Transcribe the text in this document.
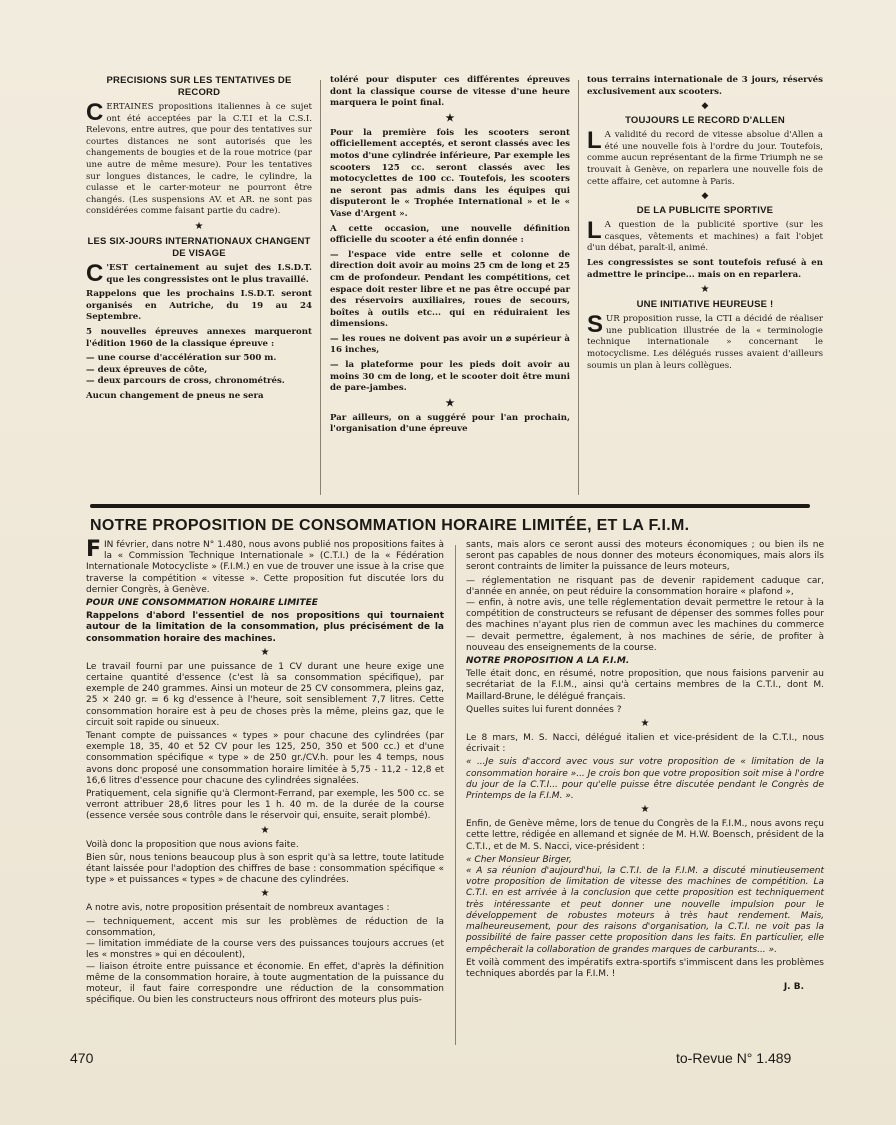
PRECISIONS SUR LES TENTATIVES DE RECORD

CERTAINES propositions italiennes à ce sujet ont été acceptées par la C.T.I et la C.S.I. Relevons, entre autres, que pour des tentatives sur courtes distances ne sont autorisés que les changements de bougies et de la roue motrice (par une autre de même mesure). Pour les tentatives sur longues distances, le cadre, le cylindre, la culasse et le carter-moteur ne pourront être changés. (Les suspensions AV. et AR. ne sont pas considérées comme faisant partie du cadre).

★
LES SIX-JOURS INTERNATIONAUX CHANGENT DE VISAGE

C 'EST certainement au sujet des I.S.D.T. que les congressistes ont le plus travaillé.

Rappelons que les prochains I.S.D.T. seront organisés en Autriche, du 19 au 24 Septembre.

5 nouvelles épreuves annexes marqueront l'édition 1960 de la classique épreuve :

— une course d'accélération sur 500 m.

— deux épreuves de côte,

— deux parcours de cross, chronométrés.

Aucun changement de pneus ne sera

toléré pour disputer ces différentes épreuves dont la classique course de vitesse d'une heure marquera le point final.

★

Pour la première fois les scooters seront officiellement acceptés, et seront classés avec les motos d'une cylindrée inférieure, Par exemple les scooters 125 cc. seront classés avec les motocyclettes de 100 cc. Toutefois, les scooters ne seront pas admis dans les équipes qui disputeront le « Trophée International » et le « Vase d'Argent ».

A cette occasion, une nouvelle définition officielle du scooter a été enfin donnée :

— l'espace vide entre selle et colonne de direction doit avoir au moins 25 cm de long et 25 cm de profondeur. Pendant les compétitions, cet espace doit rester libre et ne pas être occupé par des réservoirs auxiliaires, roues de secours, boîtes à outils etc... qui en réduiraient les dimensions.

— les roues ne doivent pas avoir un ⌀ supérieur à 16 inches,

— la plateforme pour les pieds doit avoir au moins 30 cm de long, et le scooter doit être muni de pare-jambes.

★

Par ailleurs, on a suggéré pour l'an prochain, l'organisation d'une épreuve

tous terrains internationale de 3 jours, réservés exclusivement aux scooters.

◆
TOUJOURS LE RECORD D'ALLEN

L A validité du record de vitesse absolue d'Allen a été une nouvelle fois à l'ordre du jour. Toutefois, comme aucun représentant de la firme Triumph ne se trouvait à Genève, on reparlera une nouvelle fois de cette affaire, cet automne à Paris.

◆
DE LA PUBLICITE SPORTIVE

L A question de la publicité sportive (sur les casques, vêtements et machines) a fait l'objet d'un débat, paraît-il, animé.

Les congressistes se sont toutefois refusé à en admettre le principe... mais on en reparlera.

★
UNE INITIATIVE HEUREUSE !

SUR proposition russe, la CTI a décidé de réaliser une publication illustrée de la « terminologie technique internationale » concernant le motocyclisme. Les délégués russes avaient d'ailleurs soumis un plan à leurs collègues.

NOTRE PROPOSITION DE CONSOMMATION HORAIRE LIMITÉE, ET LA F.I.M.

FIN février, dans notre N° 1.480, nous avons publié nos propositions faites à la « Commission Technique Internationale » (C.T.I.) de la « Fédération Internationale Motocycliste » (F.I.M.) en vue de trouver une issue à la crise que traverse la compétition « vitesse ». Cette proposition fut discutée lors du dernier Congrès, à Genève.

POUR UNE CONSOMMATION HORAIRE LIMITEE

Rappelons d'abord l'essentiel de nos propositions qui tournaient autour de la limitation de la consommation, plus précisément de la consommation horaire des machines.

★

Le travail fourni par une puissance de 1 CV durant une heure exige une certaine quantité d'essence (c'est là sa consommation spécifique), par exemple de 240 grammes. Ainsi un moteur de 25 CV consommera, pleins gaz, 25 × 240 gr. = 6 kg d'essence à l'heure, soit sensiblement 7,7 litres. Cette consommation horaire est à peu de choses près la même, pleins gaz, que le circuit soit rapide ou sinueux.

Tenant compte de puissances « types » pour chacune des cylindrées (par exemple 18, 35, 40 et 52 CV pour les 125, 250, 350 et 500 cc.) et d'une consommation spécifique « type » de 250 gr./CV.h. pour les 4 temps, nous avons donc proposé une consommation horaire limitée à 5,75 - 11,2 - 12,8 et 16,6 litres d'essence pour chacune des cylindrées signalées.

Pratiquement, cela signifie qu'à Clermont-Ferrand, par exemple, les 500 cc. se verront attribuer 28,6 litres pour les 1 h. 40 m. de la durée de la course (essence versée sous contrôle dans le réservoir qui, ensuite, serait plombé).

★

Voilà donc la proposition que nous avions faite.

Bien sûr, nous tenions beaucoup plus à son esprit qu'à sa lettre, toute latitude étant laissée pour l'adoption des chiffres de base : consommation spécifique « type » et puissances « types » de chacune des cylindrées.

★

A notre avis, notre proposition présentait de nombreux avantages :

— techniquement, accent mis sur les problèmes de réduction de la consommation,

— limitation immédiate de la course vers des puissances toujours accrues (et les « monstres » qui en découlent),

— liaison étroite entre puissance et économie. En effet, d'après la définition même de la consommation horaire, à toute augmentation de la puissance du moteur, il faut faire correspondre une réduction de la consommation spécifique. Ou bien les constructeurs nous offriront des moteurs plus puis-

sants, mais alors ce seront aussi des moteurs économiques ; ou bien ils ne seront pas capables de nous donner des moteurs économiques, mais alors ils seront contraints de limiter la puissance de leurs moteurs,

— réglementation ne risquant pas de devenir rapidement caduque car, d'année en année, on peut réduire la consommation horaire « plafond »,

— enfin, à notre avis, une telle réglementation devait permettre le retour à la compétition de constructeurs se refusant de dépenser des sommes folles pour des machines n'ayant plus rien de commun avec les machines du commerce — devait permettre, également, à nos machines de série, de profiter à nouveau des enseignements de la course.

NOTRE PROPOSITION A LA F.I.M.

Telle était donc, en résumé, notre proposition, que nous faisions parvenir au secrétariat de la F.I.M., ainsi qu'à certains membres de la C.T.I., dont M. Maillard-Brune, le délégué français.

Quelles suites lui furent données ?

★

Le 8 mars, M. S. Nacci, délégué italien et vice-président de la C.T.I., nous écrivait :

« ...Je suis d'accord avec vous sur votre proposition de « limitation de la consommation horaire »... Je crois bon que votre proposition soit mise à l'ordre du jour de la C.T.I... pour qu'elle puisse être discutée pendant le Congrès de Printemps de la F.I.M. ».

★

Enfin, de Genève même, lors de tenue du Congrès de la F.I.M., nous avons reçu cette lettre, rédigée en allemand et signée de M. H.W. Boensch, président de la C.T.I., et de M. S. Nacci, vice-président :

« Cher Monsieur Birger,

« A sa réunion d'aujourd'hui, la C.T.I. de la F.I.M. a discuté minutieusement votre proposition de limitation de vitesse des machines de compétition. La C.T.I. en est arrivée à la conclusion que cette proposition est techniquement très intéressante et peut donner une nouvelle impulsion pour le développement de robustes moteurs à très haut rendement. Mais, malheureusement, pour des raisons d'organisation, la C.T.I. ne voit pas la possibilité de faire passer cette proposition dans les faits. En particulier, elle empêcherait la collaboration de grandes marques de carburants... ».

Et voilà comment des impératifs extra-sportifs s'immiscent dans les problèmes techniques abordés par la F.I.M. !

J. B.

470	to-Revue N° 1.489
